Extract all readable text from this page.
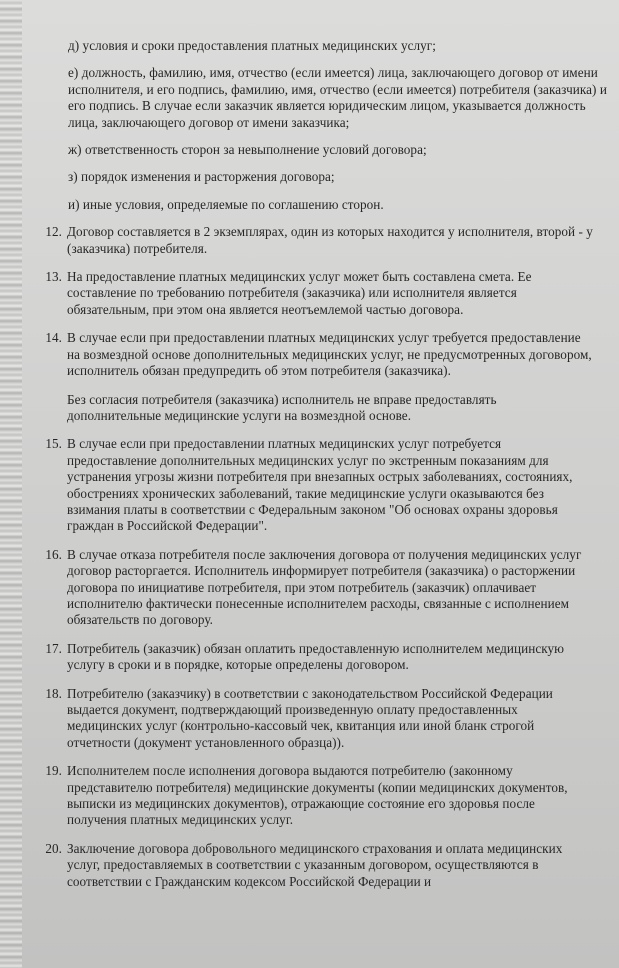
д) условия и сроки предоставления платных медицинских услуг;
е) должность, фамилию, имя, отчество (если имеется) лица, заключающего договор от имени исполнителя, и его подпись, фамилию, имя, отчество (если имеется) потребителя (заказчика) и его подпись. В случае если заказчик является юридическим лицом, указывается должность лица, заключающего договор от имени заказчика;
ж) ответственность сторон за невыполнение условий договора;
з) порядок изменения и расторжения договора;
и) иные условия, определяемые по соглашению сторон.
12. Договор составляется в 2 экземплярах, один из которых находится у исполнителя, второй - у (заказчика) потребителя.
13. На предоставление платных медицинских услуг может быть составлена смета. Ее составление по требованию потребителя (заказчика) или исполнителя является обязательным, при этом она является неотъемлемой частью договора.
14. В случае если при предоставлении платных медицинских услуг требуется предоставление на возмездной основе дополнительных медицинских услуг, не предусмотренных договором, исполнитель обязан предупредить об этом потребителя (заказчика).
Без согласия потребителя (заказчика) исполнитель не вправе предоставлять дополнительные медицинские услуги на возмездной основе.
15. В случае если при предоставлении платных медицинских услуг потребуется предоставление дополнительных медицинских услуг по экстренным показаниям для устранения угрозы жизни потребителя при внезапных острых заболеваниях, состояниях, обострениях хронических заболеваний, такие медицинские услуги оказываются без взимания платы в соответствии с Федеральным законом "Об основах охраны здоровья граждан в Российской Федерации".
16. В случае отказа потребителя после заключения договора от получения медицинских услуг договор расторгается. Исполнитель информирует потребителя (заказчика) о расторжении договора по инициативе потребителя, при этом потребитель (заказчик) оплачивает исполнителю фактически понесенные исполнителем расходы, связанные с исполнением обязательств по договору.
17. Потребитель (заказчик) обязан оплатить предоставленную исполнителем медицинскую услугу в сроки и в порядке, которые определены договором.
18. Потребителю (заказчику) в соответствии с законодательством Российской Федерации выдается документ, подтверждающий произведенную оплату предоставленных медицинских услуг (контрольно-кассовый чек, квитанция или иной бланк строгой отчетности (документ установленного образца)).
19. Исполнителем после исполнения договора выдаются потребителю (законному представителю потребителя) медицинские документы (копии медицинских документов, выписки из медицинских документов), отражающие состояние его здоровья после получения платных медицинских услуг.
20. Заключение договора добровольного медицинского страхования и оплата медицинских услуг, предоставляемых в соответствии с указанным договором, осуществляются в соответствии с Гражданским кодексом Российской Федерации и
